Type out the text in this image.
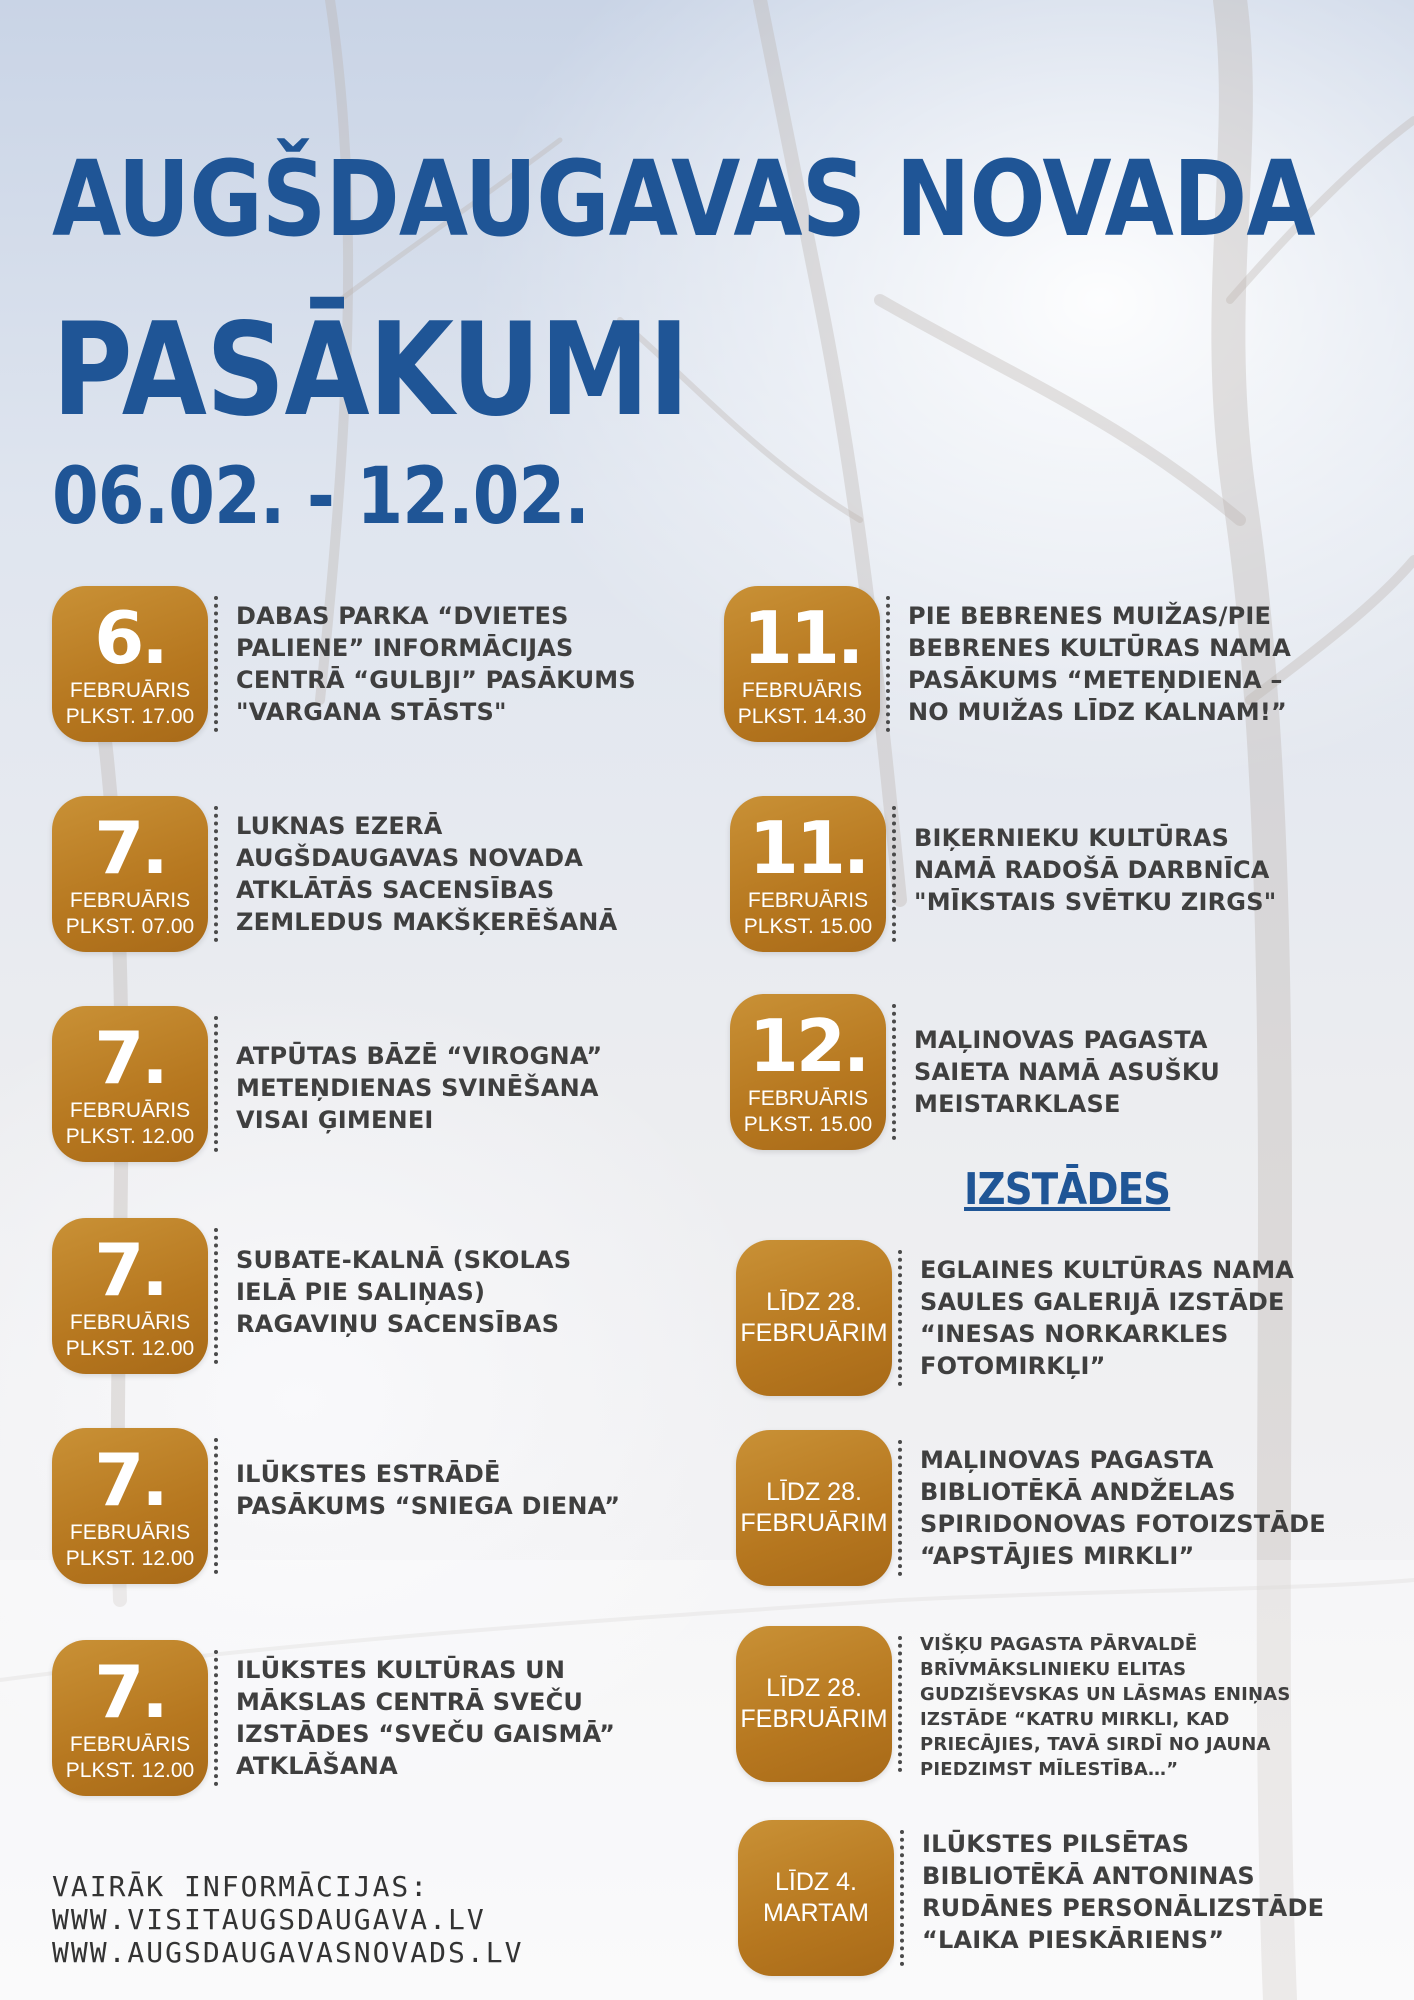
AUGŠDAUGAVAS NOVADA
PASĀKUMI
06.02. - 12.02.
6.
FEBRUĀRIS
PLKST. 17.00
DABAS PARKA “DVIETES PALIENE” INFORMĀCIJAS CENTRĀ “GULBJI” PASĀKUMS "VARGANA STĀSTS"
7.
FEBRUĀRIS
PLKST. 07.00
LUKNAS EZERĀ AUGŠDAUGAVAS NOVADA ATKLĀTĀS SACENSĪBAS ZEMLEDUS MAKŠĶERĒŠANĀ
7.
FEBRUĀRIS
PLKST. 12.00
ATPŪTAS BĀZĒ “VIROGNA” METEŅDIENAS SVINĒŠANA VISAI ĢIMENEI
7.
FEBRUĀRIS
PLKST. 12.00
SUBATE-KALNĀ (SKOLAS IELĀ PIE SALIŅAS) RAGAVIŅU SACENSĪBAS
7.
FEBRUĀRIS
PLKST. 12.00
ILŪKSTES ESTRĀDĒ PASĀKUMS “SNIEGA DIENA”
7.
FEBRUĀRIS
PLKST. 12.00
ILŪKSTES KULTŪRAS UN MĀKSLAS CENTRĀ SVEČU IZSTĀDES “SVEČU GAISMĀ” ATKLĀŠANA
11.
FEBRUĀRIS
PLKST. 14.30
PIE BEBRENES MUIŽAS/PIE BEBRENES KULTŪRAS NAMA PASĀKUMS “METEŅDIENA – NO MUIŽAS LĪDZ KALNAM!”
11.
FEBRUĀRIS
PLKST. 15.00
BIĶERNIEKU KULTŪRAS NAMĀ RADOŠĀ DARBNĪCA "MĪKSTAIS SVĒTKU ZIRGS"
12.
FEBRUĀRIS
PLKST. 15.00
MAĻINOVAS PAGASTA SAIETA NAMĀ ASUŠKU MEISTARKLASE
IZSTĀDES
LĪDZ 28.
FEBRUĀRIM
EGLAINES KULTŪRAS NAMA SAULES GALERIJĀ IZSTĀDE “INESAS NORKARKLES FOTOMIRKĻI”
LĪDZ 28.
FEBRUĀRIM
MAĻINOVAS PAGASTA BIBLIOTĒKĀ ANDŽELAS SPIRIDONOVAS FOTOIZSTĀDE “APSTĀJIES MIRKLI”
LĪDZ 28.
FEBRUĀRIM
VIŠĶU PAGASTA PĀRVALDĒ BRĪVMĀKSLINIEKU ELITAS GUDZIŠEVSKAS UN LĀSMAS ENIŅAS IZSTĀDE “KATRU MIRKLI, KAD PRIECĀJIES, TAVĀ SIRDĪ NO JAUNA PIEDZIMST MĪLESTĪBA…”
LĪDZ 4.
MARTAM
ILŪKSTES PILSĒTAS BIBLIOTĒKĀ ANTONINAS RUDĀNES PERSONĀLIZSTĀDE “LAIKA PIESKĀRIENS”
VAIRĀK INFORMĀCIJAS:
WWW.VISITAUGSDAUGAVA.LV
WWW.AUGSDAUGAVASNOVADS.LV
